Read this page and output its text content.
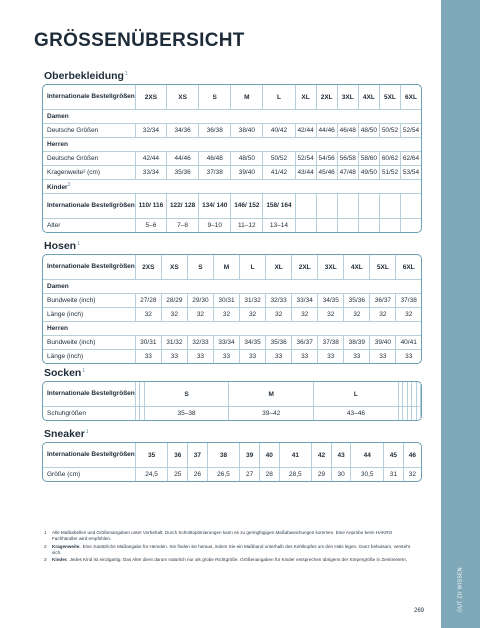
GUT ZU WISSEN
GRÖSSENÜBERSICHT
Oberbekleidung$^1$
Internationale Bestellgrößen	2XS	XS	S	M	L	XL	2XL	3XL	4XL	5XL	6XL
Damen											
Deutsche Größen	32/34	34/36	36/38	38/40	40/42	42/44	44/46	46/48	48/50	50/52	52/54
Herren											
Deutsche Größen	42/44	44/46	46/48	48/50	50/52	52/54	54/56	56/58	58/60	60/62	62/64
Kragenweite² (cm)	33/34	35/36	37/38	39/40	41/42	43/44	45/46	47/48	49/50	51/52	53/54
Kinder$^3$
Internationale Bestellgrößen	110/ 116	122/ 128	134/ 140	146/ 152	158/ 164						
Alter	5–6	7–8	9–10	11–12	13–14						
Hosen$^1$
Internationale Bestellgrößen	2XS	XS	S	M	L	XL	2XL	3XL	4XL	5XL	6XL
Damen											
Bundweite (inch)	27/28	28/29	29/30	30/31	31/32	32/33	33/34	34/35	35/36	36/37	37/38
Länge (inch)	32	32	32	32	32	32	32	32	32	32	32
Herren											
Bundweite (inch)	30/31	31/32	32/33	33/34	34/35	35/36	36/37	37/38	38/39	39/40	40/41
Länge (inch)	33	33	33	33	33	33	33	33	33	33	33
Socken$^1$
Internationale Bestellgrößen			S	M	L						
Schuhgrößen			35–38	39–42	43–46						
Sneaker$^1$
Internationale Bestellgrößen	35	36	37	38	39	40	41	42	43	44	45	46
Größe (cm)	24,5	25	26	26,5	27	28	28,5	29	30	30,5	31	32
1	Alle Maßtabellen und Größenangaben unter Vorbehalt. Durch Schnittoptimierungen kann es zu geringfügigen Maßabweichungen kommen. Eine Anprobe beim HAKRO Fachhändler wird empfohlen.
2	Kragenweite. Eine zusätzliche Maßangabe für Hemden. Sie finden sie heraus, indem Sie ein Maßband unterhalb des Kehlkopfes um den Hals legen. Ganz behutsam, versteht sich.
3	Kinder. Jedes Kind ist einzigartig. Das Alter dient darum natürlich nur als grobe Richtgröße. Größenangaben für Kinder entsprechen übrigens der Körpergröße in Zentimetern.
269
